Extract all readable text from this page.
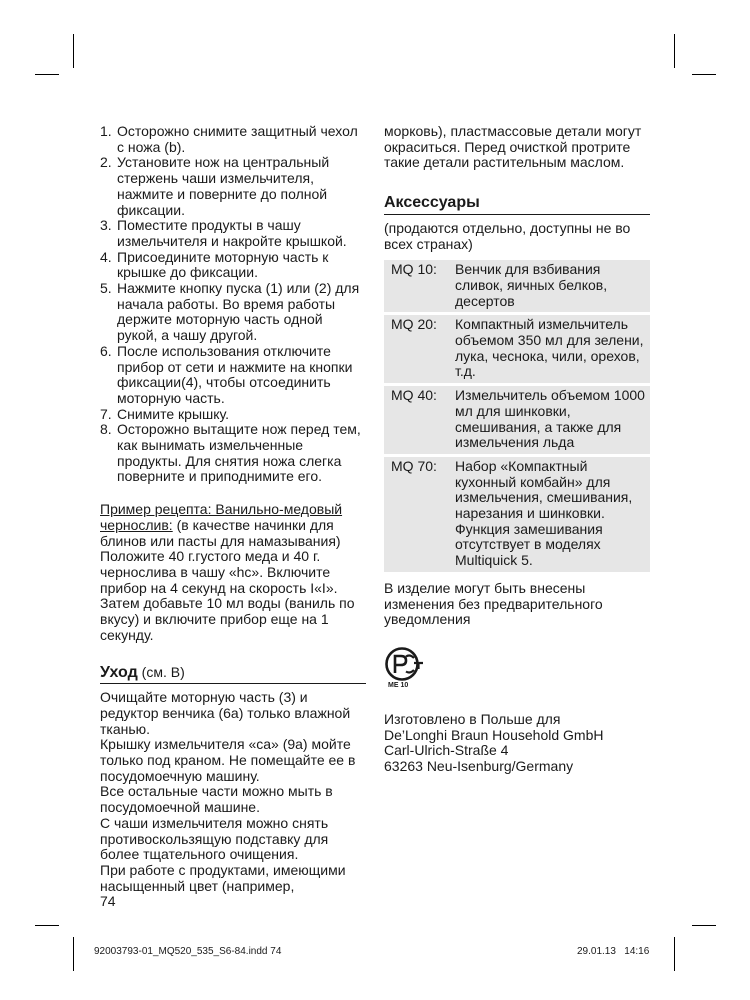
1. Осторожно снимите защитный чехол с ножа (b).
2. Установите нож на центральный стержень чаши измельчителя, нажмите и поверните до полной фиксации.
3. Поместите продукты в чашу измельчителя и накройте крышкой.
4. Присоедините моторную часть к крышке до фиксации.
5. Нажмите кнопку пуска (1) или (2) для начала работы. Во время работы держите моторную часть одной рукой, а чашу другой.
6. После использования отключите прибор от сети и нажмите на кнопки фиксации(4), чтобы отсоединить моторную часть.
7. Снимите крышку.
8. Осторожно вытащите нож перед тем, как вынимать измельченные продукты. Для снятия ножа слегка поверните и приподнимите его.
Пример рецепта: Ванильно-медовый чернослив: (в качестве начинки для блинов или пасты для намазывания) Положите 40 г.густого меда и 40 г. чернослива в чашу «hc». Включите прибор на 4 секунд на скорость I«I». Затем добавьте 10 мл воды (ваниль по вкусу) и включите прибор еще на 1 секунду.
Уход (см. B)

Очищайте моторную часть (3) и редуктор венчика (6a) только влажной тканью.

Крышку измельчителя «ca» (9a) мойте только под краном. Не помещайте ее в посудомоечную машину.

Все остальные части можно мыть в посудомоечной машине.

С чаши измельчителя можно снять противоскользящую подставку для более тщательного очищения.

При работе с продуктами, имеющими насыщенный цвет (например,

морковь), пластмассовые детали могут окраситься. Перед очисткой протрите такие детали растительным маслом.
Аксессуары
(продаются отдельно, доступны не во всех странах)
MQ 10:	Венчик для взбивания сливок, яичных белков, десертов
MQ 20:	Компактный измельчитель объемом 350 мл для зелени, лука, чеснока, чили, орехов, т.д.
MQ 40:	Измельчитель объемом 1000 мл для шинковки, смешивания, а также для измельчения льда
MQ 70:	Набор «Компактный кухонный комбайн» для измельчения, смешивания, нарезания и шинковки. Функция замешивания отсутствует в моделях Multiquick 5.
В изделие могут быть внесены изменения без предварительного уведомления
ME 10
Изготовлено в Польше для
De’Longhi Braun Household GmbH
Carl-Ulrich-Straße 4
63263 Neu-Isenburg/Germany
74
92003793-01_MQ520_535_S6-84.indd 74	29.01.13   14:16
